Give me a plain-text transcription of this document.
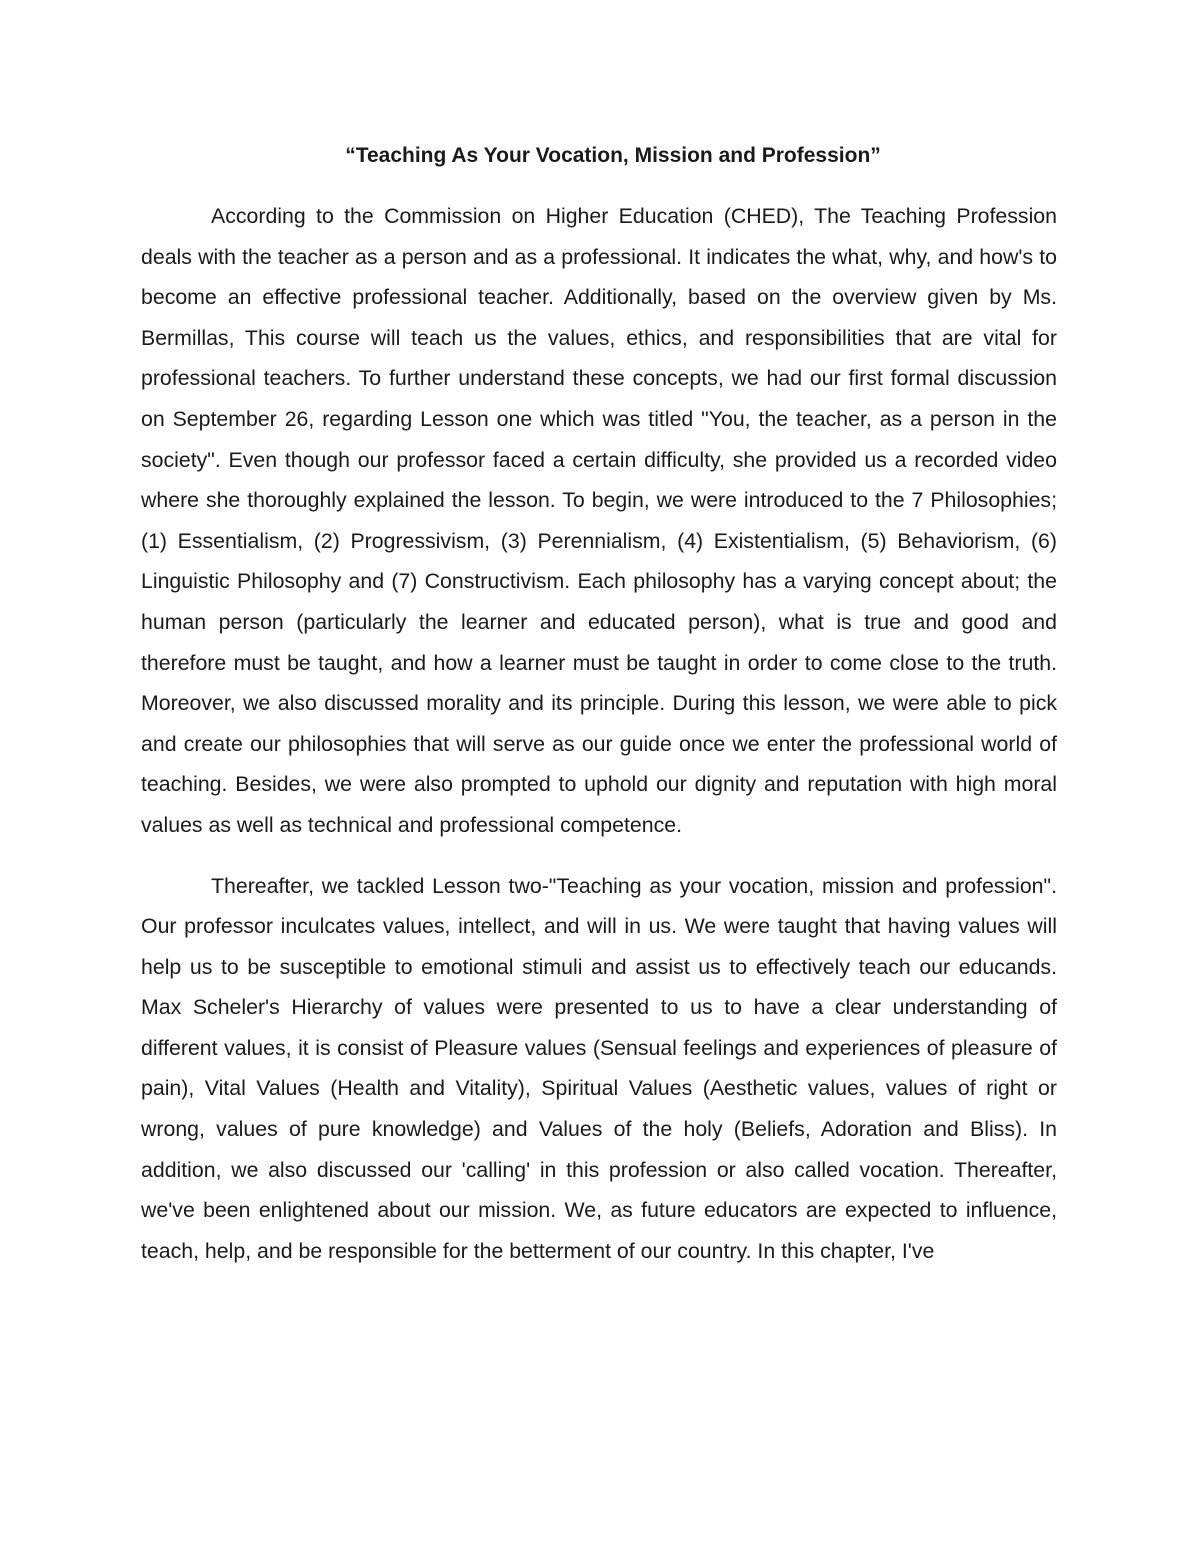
“Teaching As Your Vocation, Mission and Profession”

According to the Commission on Higher Education (CHED), The Teaching Profession deals with the teacher as a person and as a professional. It indicates the what, why, and how's to become an effective professional teacher. Additionally, based on the overview given by Ms. Bermillas, This course will teach us the values, ethics, and responsibilities that are vital for professional teachers. To further understand these concepts, we had our first formal discussion on September 26, regarding Lesson one which was titled "You, the teacher, as a person in the society". Even though our professor faced a certain difficulty, she provided us a recorded video where she thoroughly explained the lesson. To begin, we were introduced to the 7 Philosophies; (1) Essentialism, (2) Progressivism, (3) Perennialism, (4) Existentialism, (5) Behaviorism, (6) Linguistic Philosophy and (7) Constructivism. Each philosophy has a varying concept about; the human person (particularly the learner and educated person), what is true and good and therefore must be taught, and how a learner must be taught in order to come close to the truth. Moreover, we also discussed morality and its principle. During this lesson, we were able to pick and create our philosophies that will serve as our guide once we enter the professional world of teaching. Besides, we were also prompted to uphold our dignity and reputation with high moral values as well as technical and professional competence.

Thereafter, we tackled Lesson two-"Teaching as your vocation, mission and profession". Our professor inculcates values, intellect, and will in us. We were taught that having values will help us to be susceptible to emotional stimuli and assist us to effectively teach our educands. Max Scheler's Hierarchy of values were presented to us to have a clear understanding of different values, it is consist of Pleasure values (Sensual feelings and experiences of pleasure of pain), Vital Values (Health and Vitality), Spiritual Values (Aesthetic values, values of right or wrong, values of pure knowledge) and Values of the holy (Beliefs, Adoration and Bliss). In addition, we also discussed our 'calling' in this profession or also called vocation. Thereafter, we've been enlightened about our mission. We, as future educators are expected to influence, teach, help, and be responsible for the betterment of our country. In this chapter, I've
